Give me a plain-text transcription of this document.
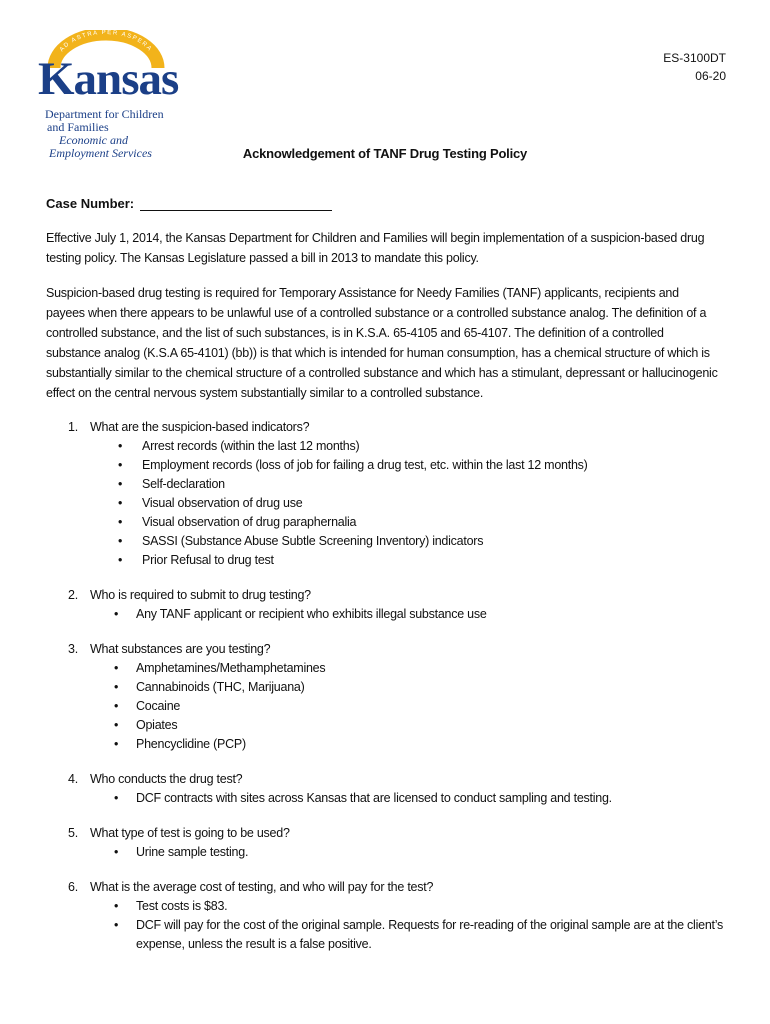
AD ASTRA PER ASPERA
Kansas
Department for Children
and Families
Economic and
Employment Services
ES-3100DT
06-20
Acknowledgement of TANF Drug Testing Policy
Case Number:
Effective July 1, 2014, the Kansas Department for Children and Families will begin implementation of a suspicion-based drug testing policy. The Kansas Legislature passed a bill in 2013 to mandate this policy.
Suspicion-based drug testing is required for Temporary Assistance for Needy Families (TANF) applicants, recipients and payees when there appears to be unlawful use of a controlled substance or a controlled substance analog. The definition of a controlled substance, and the list of such substances, is in K.S.A. 65-4105 and 65-4107. The definition of a controlled substance analog (K.S.A 65-4101) (bb)) is that which is intended for human consumption, has a chemical structure of which is substantially similar to the chemical structure of a controlled substance and which has a stimulant, depressant or hallucinogenic effect on the central nervous system substantially similar to a controlled substance.
1. What are the suspicion-based indicators?
• Arrest records (within the last 12 months)
• Employment records (loss of job for failing a drug test, etc. within the last 12 months)
• Self-declaration
• Visual observation of drug use
• Visual observation of drug paraphernalia
• SASSI (Substance Abuse Subtle Screening Inventory) indicators
• Prior Refusal to drug test
2. Who is required to submit to drug testing?
• Any TANF applicant or recipient who exhibits illegal substance use
3. What substances are you testing?
• Amphetamines/Methamphetamines
• Cannabinoids (THC, Marijuana)
• Cocaine
• Opiates
• Phencyclidine (PCP)
4. Who conducts the drug test?
• DCF contracts with sites across Kansas that are licensed to conduct sampling and testing.
5. What type of test is going to be used?
• Urine sample testing.
6. What is the average cost of testing, and who will pay for the test?
• Test costs is $83.
• DCF will pay for the cost of the original sample. Requests for re-reading of the original sample are at the client’s expense, unless the result is a false positive.
